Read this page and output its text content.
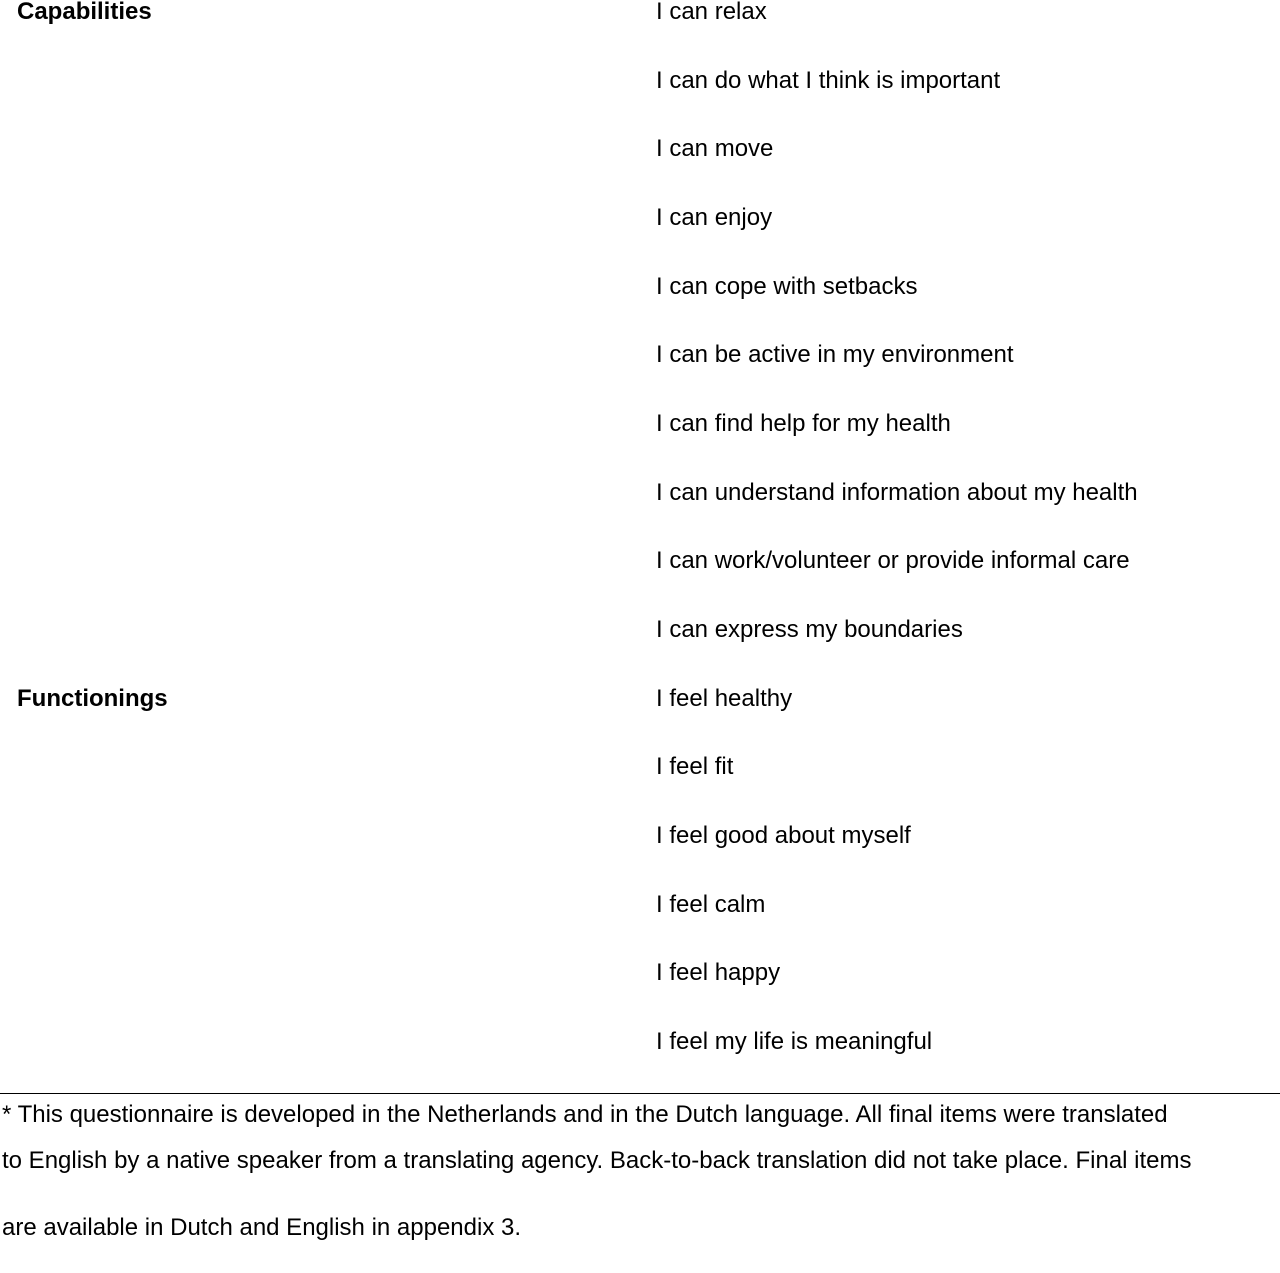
Capabilities	I can relax
I can do what I think is important
I can move
I can enjoy
I can cope with setbacks
I can be active in my environment
I can find help for my health
I can understand information about my health
I can work/volunteer or provide informal care
I can express my boundaries
Functionings	I feel healthy
I feel fit
I feel good about myself
I feel calm
I feel happy
I feel my life is meaningful
* This questionnaire is developed in the Netherlands and in the Dutch language. All final items were translated
to English by a native speaker from a translating agency. Back-to-back translation did not take place. Final items
are available in Dutch and English in appendix 3.
